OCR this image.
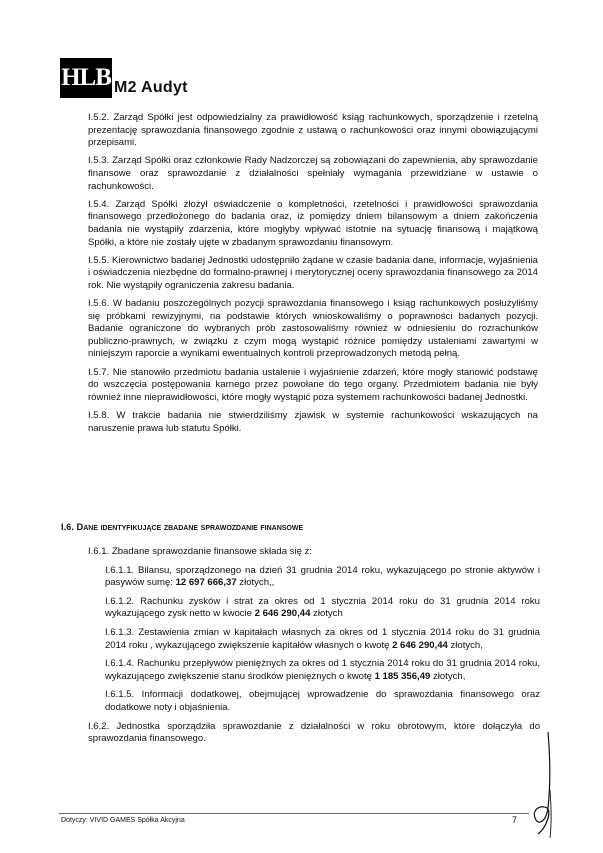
HLB M2 Audyt

I.5.2. Zarząd Spółki jest odpowiedzialny za prawidłowość ksiąg rachunkowych, sporządzenie i rzetelną prezentację sprawozdania finansowego zgodnie z ustawą o rachunkowości oraz innymi obowiązującymi przepisami.

I.5.3. Zarząd Spółki oraz członkowie Rady Nadzorczej są zobowiązani do zapewnienia, aby sprawozdanie finansowe oraz sprawozdanie z działalności spełniały wymagania przewidziane w ustawie o rachunkowości.

I.5.4. Zarząd Spółki złożył oświadczenie o kompletności, rzetelności i prawidłowości sprawozdania finansowego przedłożonego do badania oraz, iż pomiędzy dniem bilansowym a dniem zakończenia badania nie wystąpiły zdarzenia, które mogłyby wpływać istotnie na sytuację finansową i majątkową Spółki, a które nie zostały ujęte w zbadanym sprawozdaniu finansowym.

I.5.5. Kierownictwo badanej Jednostki udostępniło żądane w czasie badania dane, informacje, wyjaśnienia i oświadczenia niezbędne do formalno-prawnej i merytorycznej oceny sprawozdania finansowego za 2014 rok. Nie wystąpiły ograniczenia zakresu badania.

I.5.6. W badaniu poszczególnych pozycji sprawozdania finansowego i ksiąg rachunkowych posłużyliśmy się próbkami rewizyjnymi, na podstawie których wnioskowaliśmy o poprawności badanych pozycji. Badanie ograniczone do wybranych prób zastosowaliśmy również w odniesieniu do rozrachunków publiczno-prawnych, w związku z czym mogą wystąpić różnice pomiędzy ustaleniami zawartymi w niniejszym raporcie a wynikami ewentualnych kontroli przeprowadzonych metodą pełną.

I.5.7. Nie stanowiło przedmiotu badania ustalenie i wyjaśnienie zdarzeń, które mogły stanowić podstawę do wszczęcia postępowania karnego przez powołane do tego organy. Przedmiotem badania nie były również inne nieprawidłowości, które mogły wystąpić poza systemem rachunkowości badanej Jednostki.

I.5.8. W trakcie badania nie stwierdziliśmy zjawisk w systemie rachunkowości wskazujących na naruszenie prawa lub statutu Spółki.

I.6. Dane identyfikujące zbadane sprawozdanie finansowe

I.6.1. Zbadane sprawozdanie finansowe składa się z:

I.6.1.1. Bilansu, sporządzonego na dzień 31 grudnia 2014 roku, wykazującego po stronie aktywów i pasywów sumę: 12 697 666,37 złotych,,

I.6.1.2. Rachunku zysków i strat za okres od 1 stycznia 2014 roku do 31 grudnia 2014 roku wykazującego zysk netto w kwocie 2 646 290,44 złotych

I.6.1.3. Zestawienia zmian w kapitałach własnych za okres od 1 stycznia 2014 roku do 31 grudnia 2014 roku , wykazującego zwiększenie kapitałów własnych o kwotę 2 646 290,44 złotych,

I.6.1.4. Rachunku przepływów pieniężnych za okres od 1 stycznia 2014 roku do 31 grudnia 2014 roku, wykazującego zwiększenie stanu środków pieniężnych o kwotę 1 185 356,49 złotych,

I.6.1.5. Informacji dodatkowej, obejmującej wprowadzenie do sprawozdania finansowego oraz dodatkowe noty i objaśnienia.

I.6.2. Jednostka sporządziła sprawozdanie z działalności w roku obrotowym, które dołączyła do sprawozdania finansowego.

Dotyczy: VIVID GAMES Spółka Akcyjna	7
